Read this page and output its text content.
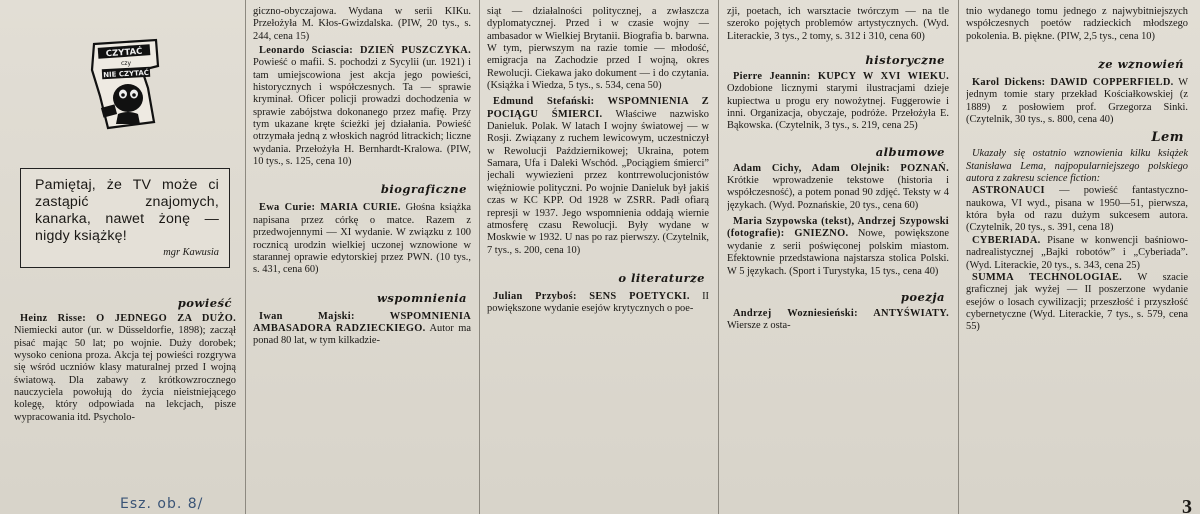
CZYTAĆ
czy
NIE CZYTAĆ
Pamiętaj, że TV może ci zastąpić znajomych, kanarka, nawet żonę — nigdy książkę!
mgr Kawusia
powieść

Heinz Risse: O JEDNEGO ZA DUŻO. Niemiecki autor (ur. w Düsseldorfie, 1898); zaczął pisać mając 50 lat; po wojnie. Duży dorobek; wysoko ceniona proza. Akcja tej powieści rozgrywa się wśród uczniów klasy maturalnej przed I wojną światową. Dla zabawy z krótkowzrocznego nauczyciela powołują do życia nieistniejącego kolegę, który odpowiada na lekcjach, pisze wypracowania itd. Psycholo-

giczno-obyczajowa. Wydana w serii KIKu. Przełożyła M. Kłos-Gwizdalska. (PIW, 20 tys., s. 244, cena 15)

Leonardo Sciascia: DZIEŃ PUSZCZYKA. Powieść o mafii. S. pochodzi z Sycylii (ur. 1921) i tam umiejscowiona jest akcja jego powieści, historycznych i współczesnych. Ta — sprawie kryminał. Oficer policji prowadzi dochodzenia w sprawie zabójstwa dokonanego przez mafię. Przy tym ukazane kręte ścieżki jej działania. Powieść otrzymała jedną z włoskich nagród litrackich; liczne wydania. Przełożyła H. Bernhardt-Kralowa. (PIW, 10 tys., s. 125, cena 10)

biograficzne

Ewa Curie: MARIA CURIE. Głośna książka napisana przez córkę o matce. Razem z przedwojennymi — XI wydanie. W związku z 100 rocznicą urodzin wielkiej uczonej wznowione w starannej oprawie edytorskiej przez PWN. (10 tys., s. 431, cena 60)

wspomnienia

Iwan Majski: WSPOMNIENIA AMBASADORA RADZIECKIEGO. Autor ma ponad 80 lat, w tym kilkadzie-

siąt — działalności politycznej, a zwłaszcza dyplomatycznej. Przed i w czasie wojny — ambasador w Wielkiej Brytanii. Biografia b. barwna. W tym, pierwszym na razie tomie — młodość, emigracja na Zachodzie przed I wojną, okres Rewolucji. Ciekawa jako dokument — i do czytania. (Książka i Wiedza, 5 tys., s. 534, cena 50)

Edmund Stefański: WSPOMNIENIA Z POCIĄGU ŚMIERCI. Właściwe nazwisko Danieluk. Polak. W latach I wojny światowej — w Rosji. Związany z ruchem lewicowym, uczestniczył w Rewolucji Październikowej; Ukraina, potem Samara, Ufa i Daleki Wschód. „Pociągiem śmierci” jechali wywiezieni przez kontrrewolucjonistów więźniowie polityczni. Po wojnie Danieluk był jakiś czas w KC KPP. Od 1928 w ZSRR. Padł ofiarą represji w 1937. Jego wspomnienia oddają wiernie atmosferę czasu Rewolucji. Były wydane w Moskwie w 1932. U nas po raz pierwszy. (Czytelnik, 7 tys., s. 200, cena 10)

o literaturze

Julian Przyboś: SENS POETYCKI. II powiększone wydanie esejów krytycznych o poe-

zji, poetach, ich warsztacie twórczym — na tle szeroko pojętych problemów artystycznych. (Wyd. Literackie, 3 tys., 2 tomy, s. 312 i 310, cena 60)

historyczne

Pierre Jeannin: KUPCY W XVI WIEKU. Ozdobione licznymi starymi ilustracjami dzieje kupiectwa u progu ery nowożytnej. Fuggerowie i inni. Organizacja, obyczaje, podróże. Przełożyła E. Bąkowska. (Czytelnik, 3 tys., s. 219, cena 25)

albumowe

Adam Cichy, Adam Olejnik: POZNAŃ. Krótkie wprowadzenie tekstowe (historia i współczesność), a potem ponad 90 zdjęć. Teksty w 4 językach. (Wyd. Poznańskie, 20 tys., cena 60)

Maria Szypowska (tekst), Andrzej Szypowski (fotografie): GNIEZNO. Nowe, powiększone wydanie z serii poświęconej polskim miastom. Efektownie przedstawiona najstarsza stolica Polski. W 5 językach. (Sport i Turystyka, 15 tys., cena 40)

poezja

Andrzej Wozniesieński: ANTYŚWIATY. Wiersze z osta-

tnio wydanego tomu jednego z najwybitniejszych współczesnych poetów radzieckich młodszego pokolenia. B. piękne. (PIW, 2,5 tys., cena 10)

ze wznowień

Karol Dickens: DAWID COPPERFIELD. W jednym tomie stary przekład Kościałkowskiej (z 1889) z posłowiem prof. Grzegorza Sinki. (Czytelnik, 30 tys., s. 800, cena 40)

Lem
Ukazały się ostatnio wznowienia kilku książek Stanisława Lema, najpopularniejszego polskiego autora z zakresu science fiction:

ASTRONAUCI — powieść fantastyczno-naukowa, VI wyd., pisana w 1950—51, pierwsza, która była od razu dużym sukcesem autora. (Czytelnik, 20 tys., s. 391, cena 18)

CYBERIADA. Pisane w konwencji baśniowo-nadrealistycznej „Bajki robotów” i „Cyberiada”. (Wyd. Literackie, 20 tys., s. 343, cena 25)

SUMMA TECHNOLOGIAE. W szacie graficznej jak wyżej — II poszerzone wydanie esejów o losach cywilizacji; przeszłość i przyszłość cybernetyczne (Wyd. Literackie, 7 tys., s. 579, cena 55)

Esz. ob. 8/	3
